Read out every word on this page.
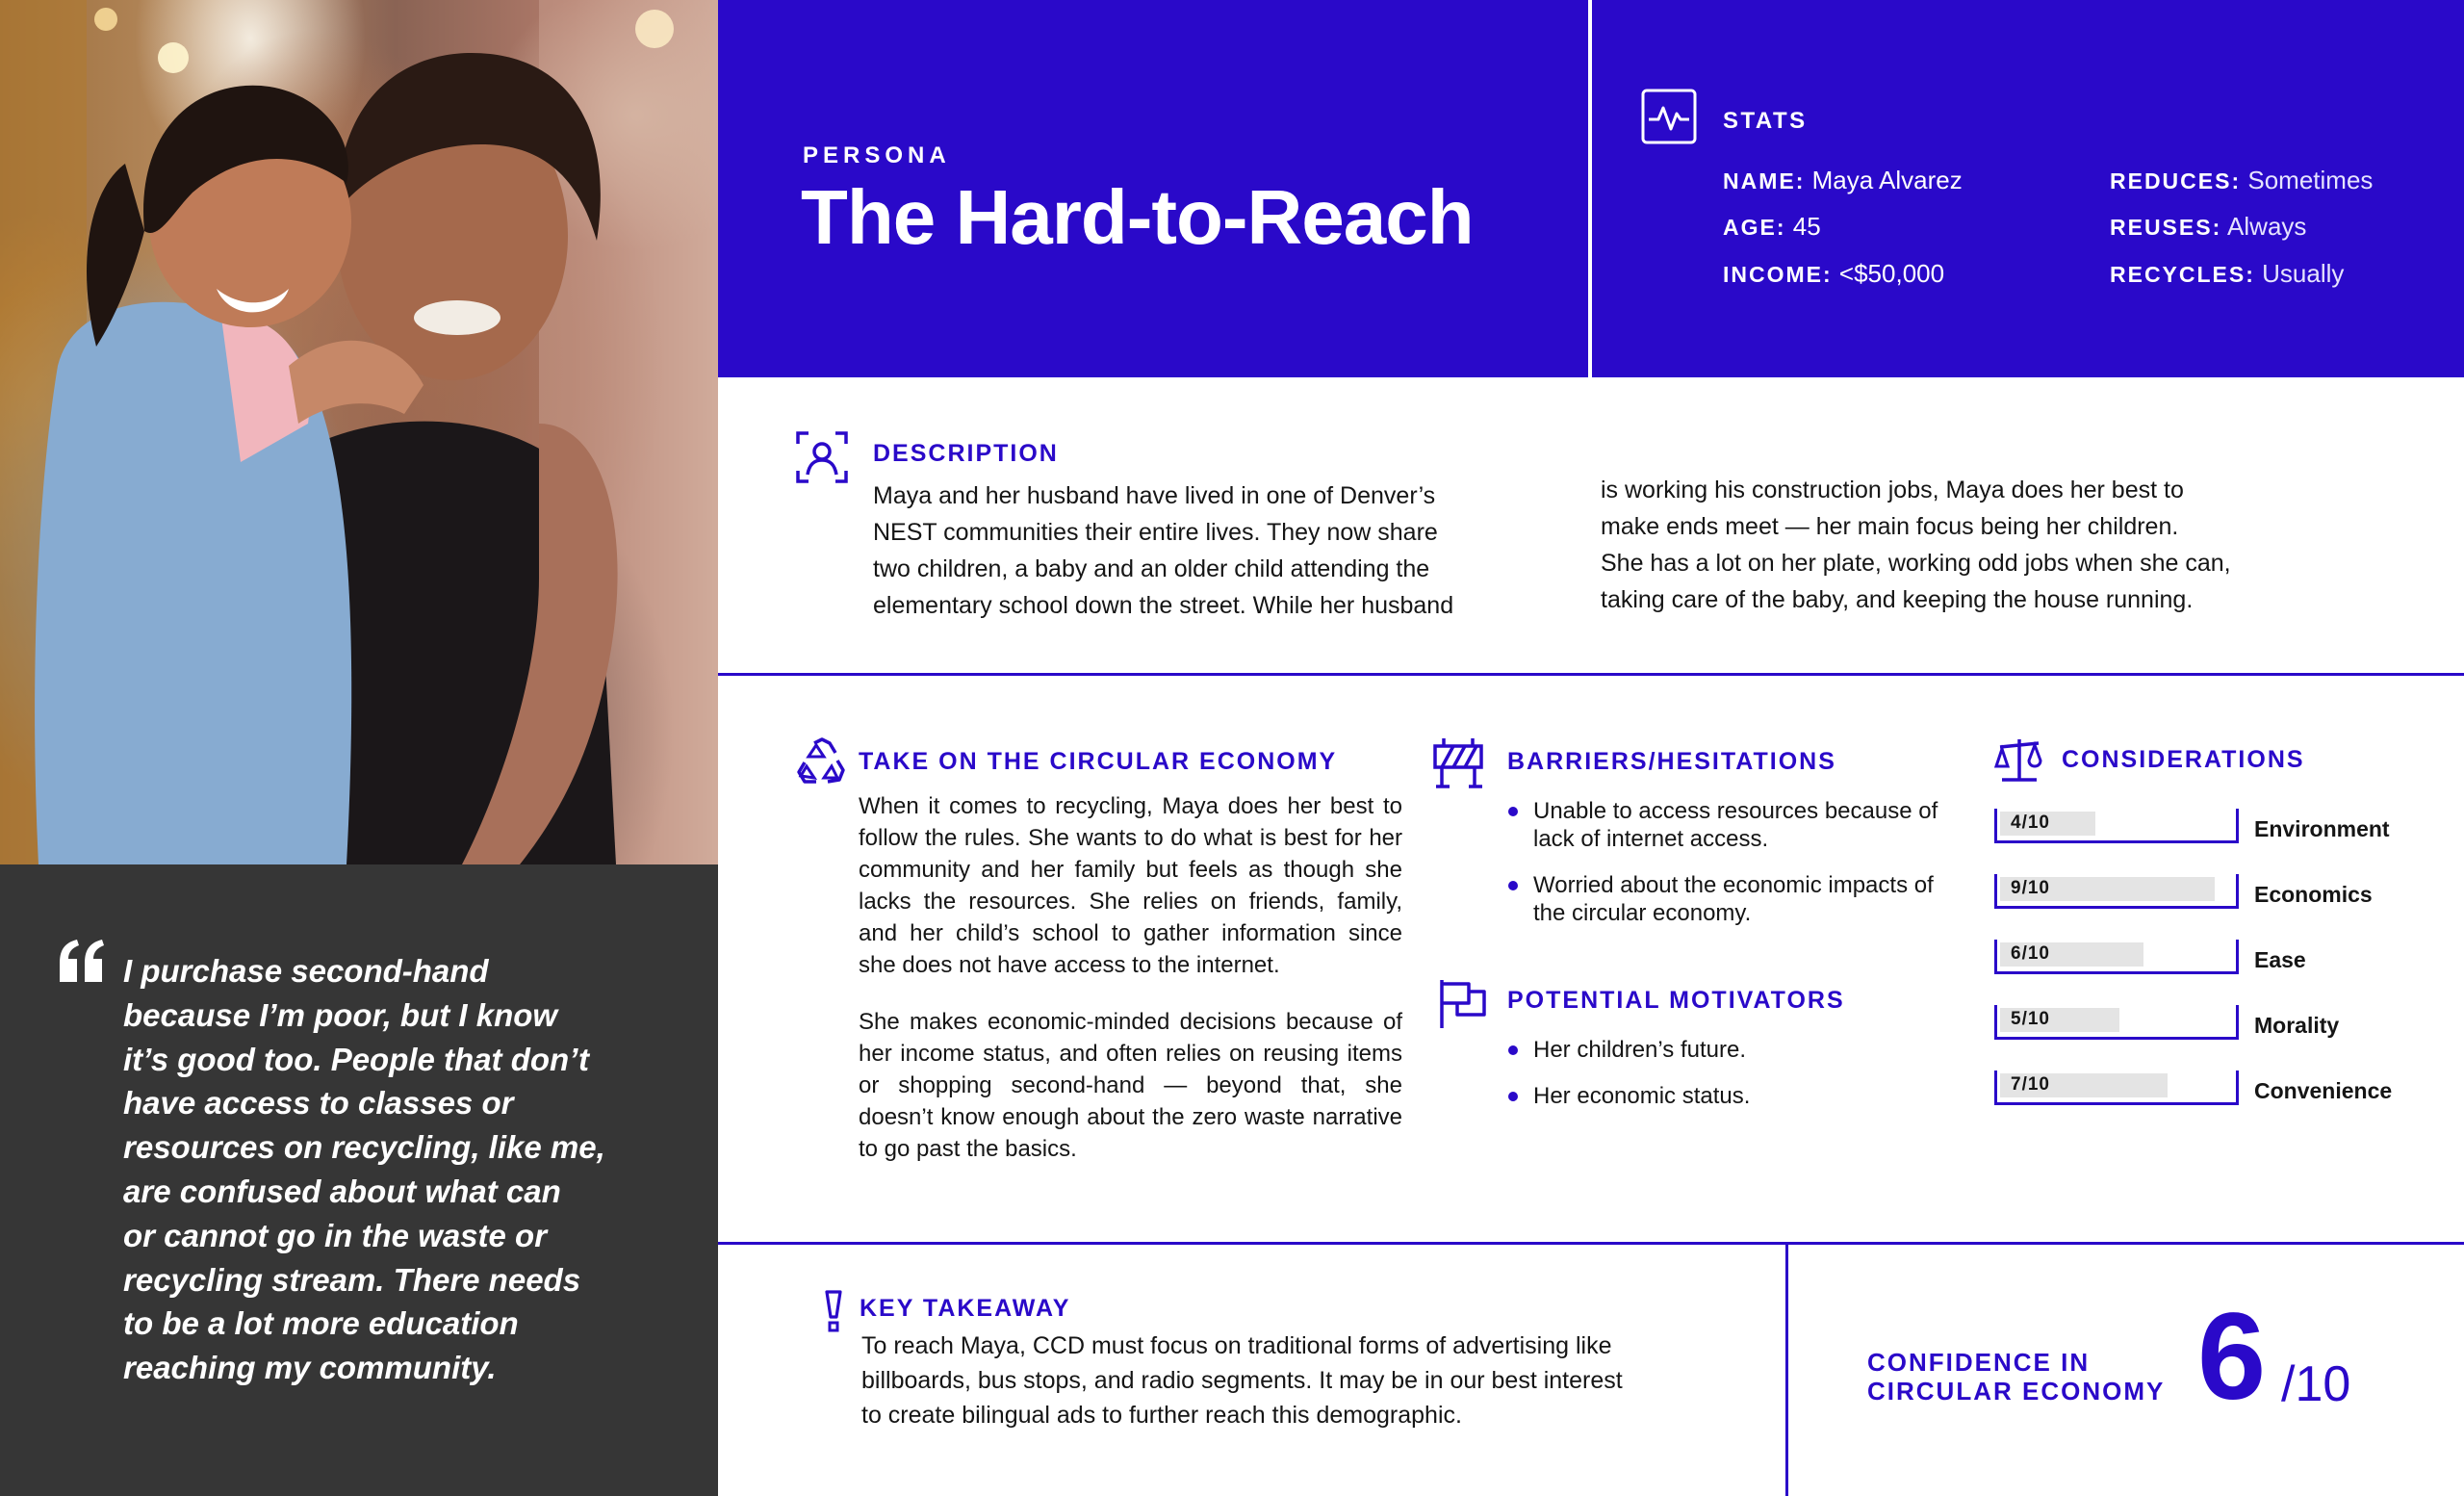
I purchase second-hand
because I’m poor, but I know
it’s good too. People that don’t
have access to classes or
resources on recycling, like me,
are confused about what can
or cannot go in the waste or
recycling stream. There needs
to be a lot more education
reaching my community.
PERSONA
The Hard-to-Reach
STATS
NAME: Maya Alvarez
AGE: 45
INCOME: <$50,000
REDUCES: Sometimes
REUSES: Always
RECYCLES: Usually
DESCRIPTION
Maya and her husband have lived in one of Denver’s
NEST communities their entire lives. They now share
two children, a baby and an older child attending the
elementary school down the street. While her husband
is working his construction jobs, Maya does her best to
make ends meet — her main focus being her children.
She has a lot on her plate, working odd jobs when she can,
taking care of the baby, and keeping the house running.
TAKE ON THE CIRCULAR ECONOMY
When it comes to recycling, Maya does her best to follow the rules. She wants to do what is best for her community and her family but feels as though she lacks the resources. She relies on friends, family, and her child’s school to gather information since she does not have access to the internet.
She makes economic-minded decisions because of her income status, and often relies on reusing items or shopping second-hand — beyond that, she doesn’t know enough about the zero waste narrative to go past the basics.
BARRIERS/HESITATIONS
Unable to access resources because of lack of internet access.
Worried about the economic impacts of the circular economy.
POTENTIAL MOTIVATORS
Her children’s future.
Her economic status.
CONSIDERATIONS
4/10	Environment
9/10	Economics
6/10	Ease
5/10	Morality
7/10	Convenience
KEY TAKEAWAY
To reach Maya, CCD must focus on traditional forms of advertising like
billboards, bus stops, and radio segments. It may be in our best interest
to create bilingual ads to further reach this demographic.
CONFIDENCE IN
CIRCULAR ECONOMY 6 /10
